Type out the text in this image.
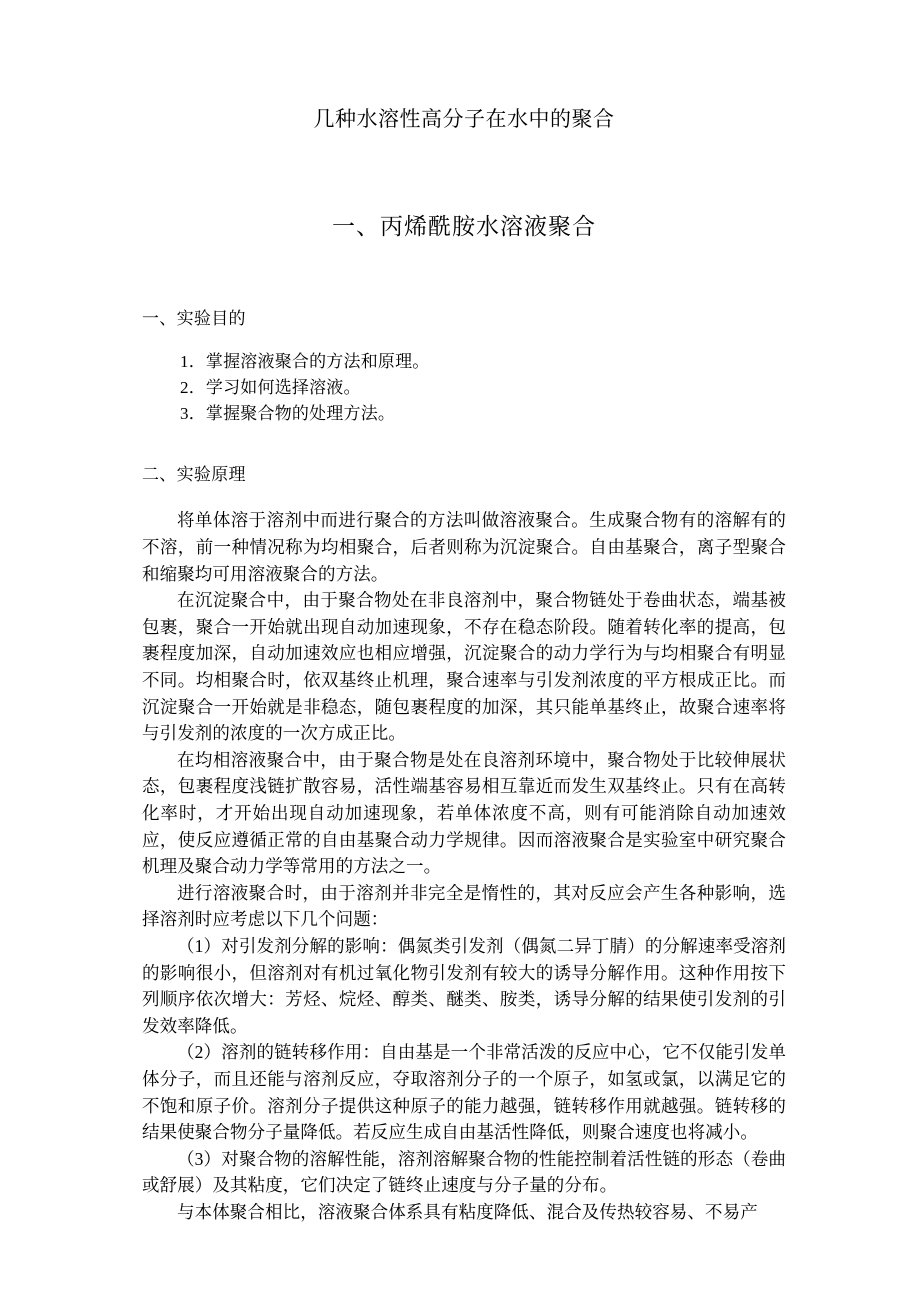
几种水溶性高分子在水中的聚合
一、丙烯酰胺水溶液聚合
一、实验目的
1．掌握溶液聚合的方法和原理。
2．学习如何选择溶液。
3．掌握聚合物的处理方法。
二、实验原理

将单体溶于溶剂中而进行聚合的方法叫做溶液聚合。生成聚合物有的溶解有的不溶，前一种情况称为均相聚合，后者则称为沉淀聚合。自由基聚合，离子型聚合和缩聚均可用溶液聚合的方法。

在沉淀聚合中，由于聚合物处在非良溶剂中，聚合物链处于卷曲状态，端基被包裹，聚合一开始就出现自动加速现象，不存在稳态阶段。随着转化率的提高，包裹程度加深，自动加速效应也相应增强，沉淀聚合的动力学行为与均相聚合有明显不同。均相聚合时，依双基终止机理，聚合速率与引发剂浓度的平方根成正比。而沉淀聚合一开始就是非稳态，随包裹程度的加深，其只能单基终止，故聚合速率将与引发剂的浓度的一次方成正比。

在均相溶液聚合中，由于聚合物是处在良溶剂环境中，聚合物处于比较伸展状态，包裹程度浅链扩散容易，活性端基容易相互靠近而发生双基终止。只有在高转化率时，才开始出现自动加速现象，若单体浓度不高，则有可能消除自动加速效应，使反应遵循正常的自由基聚合动力学规律。因而溶液聚合是实验室中研究聚合机理及聚合动力学等常用的方法之一。

进行溶液聚合时，由于溶剂并非完全是惰性的，其对反应会产生各种影响，选择溶剂时应考虑以下几个问题：

（1）对引发剂分解的影响：偶氮类引发剂（偶氮二异丁腈）的分解速率受溶剂的影响很小，但溶剂对有机过氧化物引发剂有较大的诱导分解作用。这种作用按下列顺序依次增大：芳烃、烷烃、醇类、醚类、胺类，诱导分解的结果使引发剂的引发效率降低。

（2）溶剂的链转移作用：自由基是一个非常活泼的反应中心，它不仅能引发单体分子，而且还能与溶剂反应，夺取溶剂分子的一个原子，如氢或氯，以满足它的不饱和原子价。溶剂分子提供这种原子的能力越强，链转移作用就越强。链转移的结果使聚合物分子量降低。若反应生成自由基活性降低，则聚合速度也将减小。

（3）对聚合物的溶解性能，溶剂溶解聚合物的性能控制着活性链的形态（卷曲或舒展）及其粘度，它们决定了链终止速度与分子量的分布。

与本体聚合相比，溶液聚合体系具有粘度降低、混合及传热较容易、不易产
